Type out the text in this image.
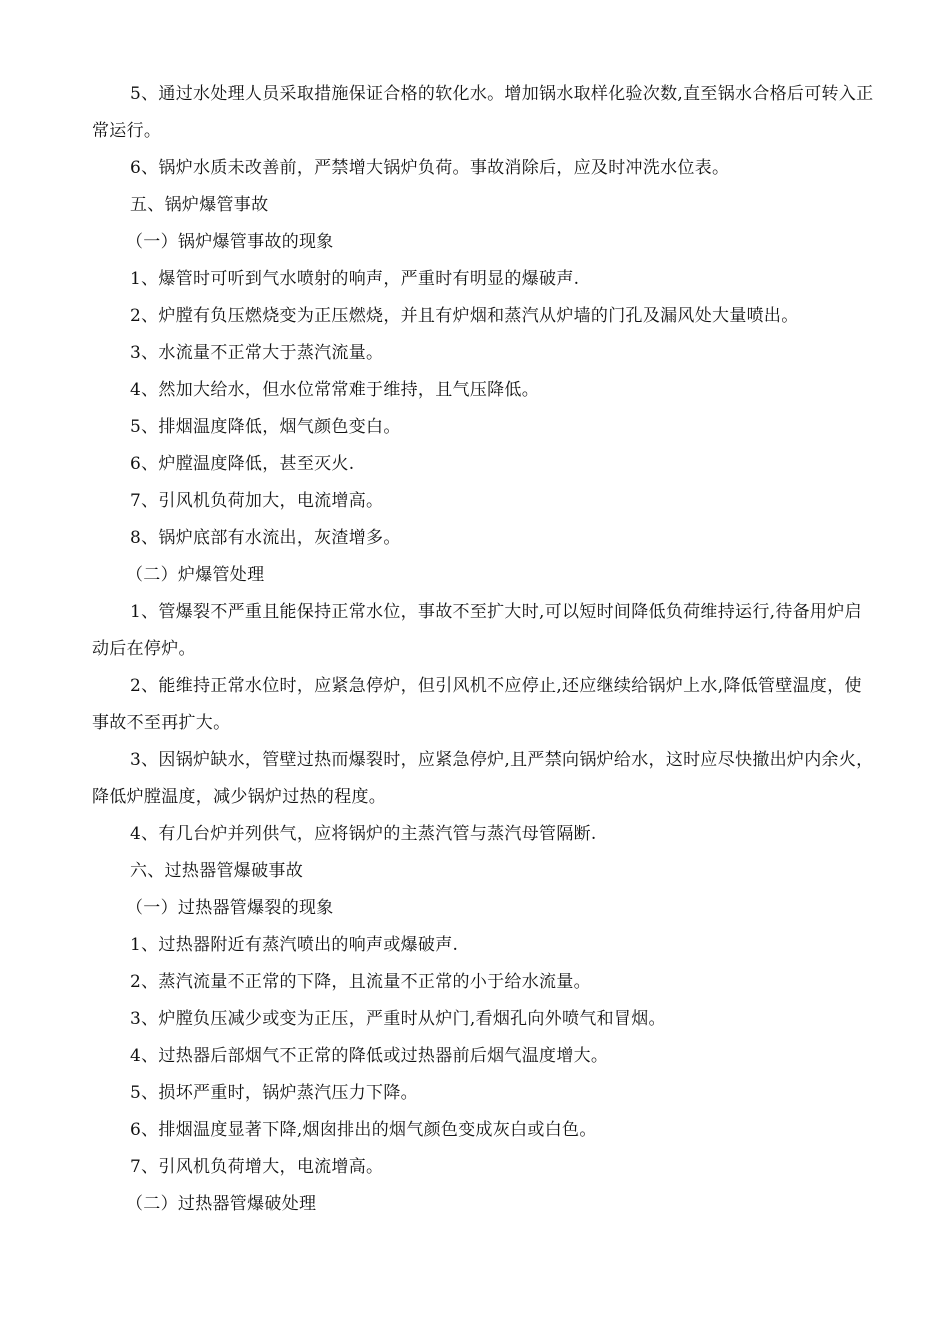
5、通过水处理人员采取措施保证合格的软化水。增加锅水取样化验次数,直至锅水合格后可转入正常运行。

6、锅炉水质未改善前，严禁增大锅炉负荷。事故消除后，应及时冲洗水位表。

五、锅炉爆管事故

（一）锅炉爆管事故的现象

1、爆管时可听到气水喷射的响声，严重时有明显的爆破声.

2、炉膛有负压燃烧变为正压燃烧，并且有炉烟和蒸汽从炉墙的门孔及漏风处大量喷出。

3、水流量不正常大于蒸汽流量。

4、然加大给水，但水位常常难于维持，且气压降低。

5、排烟温度降低，烟气颜色变白。

6、炉膛温度降低，甚至灭火.

7、引风机负荷加大，电流增高。

8、锅炉底部有水流出，灰渣增多。

（二）炉爆管处理

1、管爆裂不严重且能保持正常水位，事故不至扩大时,可以短时间降低负荷维持运行,待备用炉启动后在停炉。

2、能维持正常水位时，应紧急停炉，但引风机不应停止,还应继续给锅炉上水,降低管壁温度，使事故不至再扩大。

3、因锅炉缺水，管壁过热而爆裂时，应紧急停炉,且严禁向锅炉给水，这时应尽快撤出炉内余火，降低炉膛温度，减少锅炉过热的程度。

4、有几台炉并列供气，应将锅炉的主蒸汽管与蒸汽母管隔断.

六、过热器管爆破事故

（一）过热器管爆裂的现象

1、过热器附近有蒸汽喷出的响声或爆破声.

2、蒸汽流量不正常的下降，且流量不正常的小于给水流量。

3、炉膛负压减少或变为正压，严重时从炉门,看烟孔向外喷气和冒烟。

4、过热器后部烟气不正常的降低或过热器前后烟气温度增大。

5、损坏严重时，锅炉蒸汽压力下降。

6、排烟温度显著下降,烟囱排出的烟气颜色变成灰白或白色。

7、引风机负荷增大，电流增高。

（二）过热器管爆破处理
